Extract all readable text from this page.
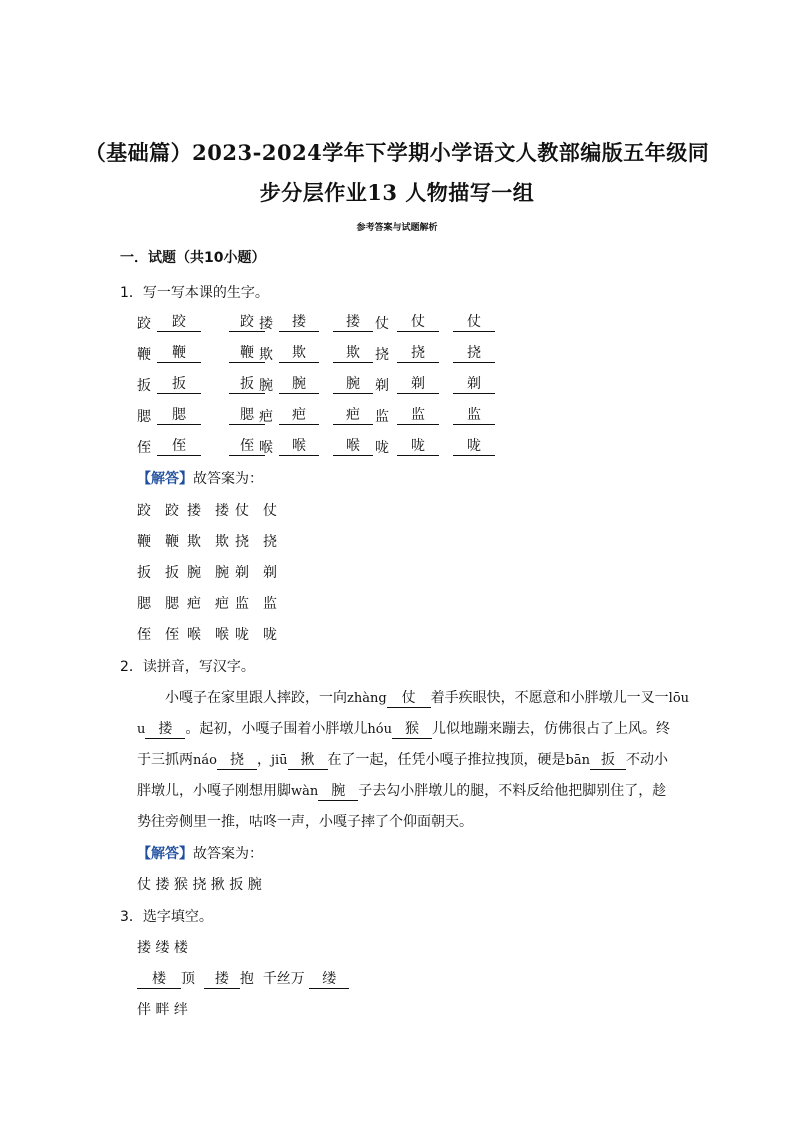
（基础篇）2023-2024学年下学期小学语文人教部编版五年级同
步分层作业13 人物描写一组
参考答案与试题解析
一．试题（共10小题）
1．写一写本课的生字。
跤	跤	跤 搂	搂	搂	仗	仗	仗
鞭	鞭	鞭 欺	欺	欺	挠	挠	挠
扳	扳	扳 腕	腕	腕	剃	剃	剃
腮	腮	腮 疤	疤	疤	监	监	监
侄	侄	侄 喉	喉	喉	咙	咙	咙
【解答】故答案为：
跤 跤 搂 搂 仗 仗
鞭 鞭 欺 欺 挠 挠
扳 扳 腕 腕 剃 剃
腮 腮 疤 疤 监 监
侄 侄 喉 喉 咙 咙
2．读拼音，写汉字。

小嘎子在家里跟人摔跤，一向zhàng 仗 着手疾眼快，不愿意和小胖墩儿一叉一lōu

u 搂 。起初，小嘎子围着小胖墩儿hóu 猴 儿似地蹦来蹦去，仿佛很占了上风。终

于三抓两náo 挠 ，jiū 揪 在了一起，任凭小嘎子推拉拽顶，硬是bān 扳 不动小

胖墩儿，小嘎子刚想用脚wàn 腕 子去勾小胖墩儿的腿，不料反给他把脚别住了，趁

势往旁侧里一推，咕咚一声，小嘎子摔了个仰面朝天。

【解答】故答案为：
仗 搂 猴 挠 揪 扳 腕
3．选字填空。
搂 缕 楼
楼 顶 搂 抱 千丝万 缕
伴 畔 绊
